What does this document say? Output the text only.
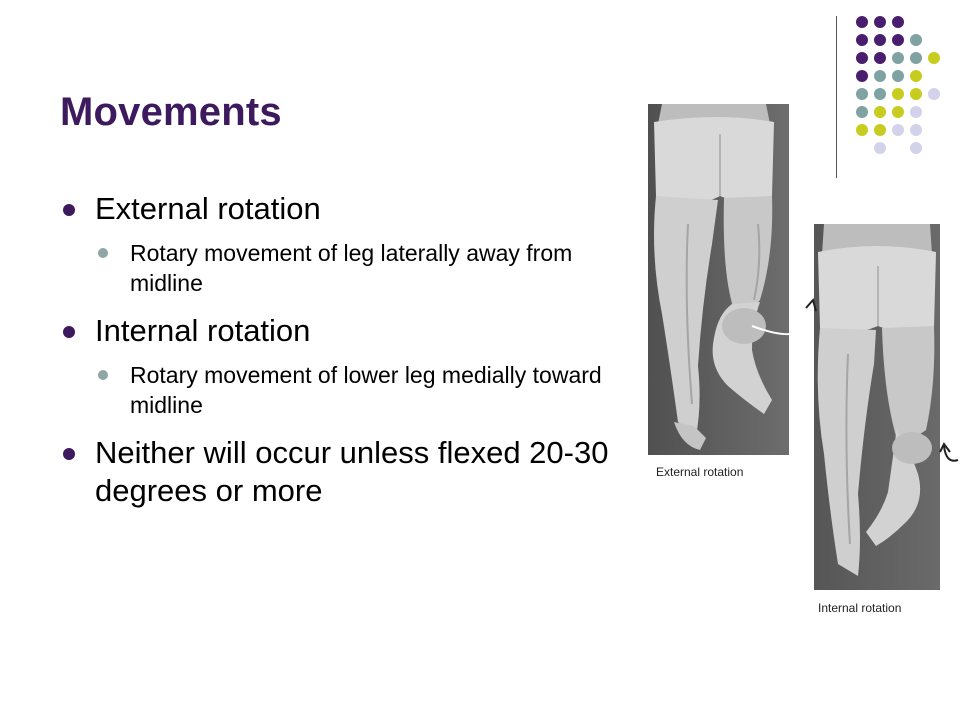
Movements
External rotation
Rotary movement of leg laterally away from midline
Internal rotation
Rotary movement of lower leg medially toward midline
Neither will occur unless flexed 20-30 degrees or more
External rotation
Internal rotation
